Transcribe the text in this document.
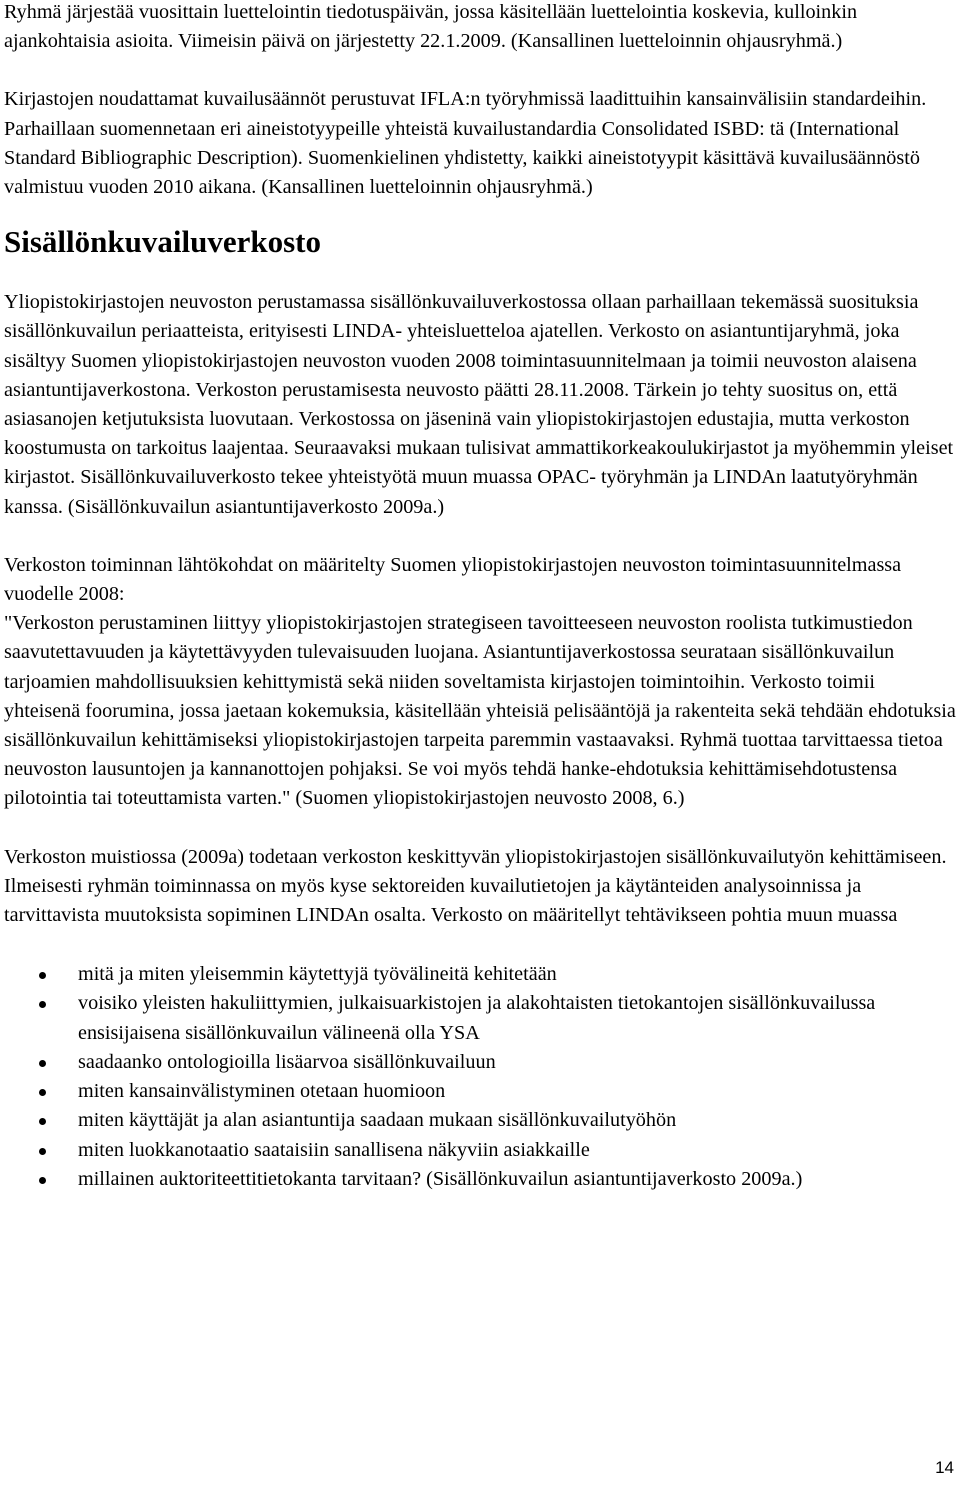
Ryhmä järjestää vuosittain luettelointin tiedotuspäivän, jossa käsitellään luettelointia koskevia, kulloinkin ajankohtaisia asioita. Viimeisin päivä on järjestetty 22.1.2009. (Kansallinen luetteloinnin ohjausryhmä.)

Kirjastojen noudattamat kuvailusäännöt perustuvat IFLA:n työryhmissä laadittuihin kansainvälisiin standardeihin. Parhaillaan suomennetaan eri aineistotyypeille yhteistä kuvailustandardia Consolidated ISBD: tä (International Standard Bibliographic Description). Suomenkielinen yhdistetty, kaikki aineistotyypit käsittävä kuvailusäännöstö valmistuu vuoden 2010 aikana. (Kansallinen luetteloinnin ohjausryhmä.)

Sisällönkuvailuverkosto

Yliopistokirjastojen neuvoston perustamassa sisällönkuvailuverkostossa ollaan parhaillaan tekemässä suosituksia sisällönkuvailun periaatteista, erityisesti LINDA- yhteisluetteloa ajatellen. Verkosto on asiantuntijaryhmä, joka sisältyy Suomen yliopistokirjastojen neuvoston vuoden 2008 toimintasuunnitelmaan ja toimii neuvoston alaisena asiantuntijaverkostona. Verkoston perustamisesta neuvosto päätti 28.11.2008. Tärkein jo tehty suositus on, että asiasanojen ketjutuksista luovutaan. Verkostossa on jäseninä vain yliopistokirjastojen edustajia, mutta verkoston koostumusta on tarkoitus laajentaa. Seuraavaksi mukaan tulisivat ammattikorkeakoulukirjastot ja myöhemmin yleiset kirjastot. Sisällönkuvailuverkosto tekee yhteistyötä muun muassa OPAC- työryhmän ja LINDAn laatutyöryhmän kanssa. (Sisällönkuvailun asiantuntijaverkosto 2009a.)

Verkoston toiminnan lähtökohdat on määritelty Suomen yliopistokirjastojen neuvoston toimintasuunnitelmassa vuodelle 2008:

"Verkoston perustaminen liittyy yliopistokirjastojen strategiseen tavoitteeseen neuvoston roolista tutkimustiedon saavutettavuuden ja käytettävyyden tulevaisuuden luojana. Asiantuntijaverkostossa seurataan sisällönkuvailun tarjoamien mahdollisuuksien kehittymistä sekä niiden soveltamista kirjastojen toimintoihin. Verkosto toimii yhteisenä foorumina, jossa jaetaan kokemuksia, käsitellään yhteisiä pelisääntöjä ja rakenteita sekä tehdään ehdotuksia sisällönkuvailun kehittämiseksi yliopistokirjastojen tarpeita paremmin vastaavaksi. Ryhmä tuottaa tarvittaessa tietoa neuvoston lausuntojen ja kannanottojen pohjaksi. Se voi myös tehdä hanke-ehdotuksia kehittämisehdotustensa pilotointia tai toteuttamista varten." (Suomen yliopistokirjastojen neuvosto 2008, 6.)

Verkoston muistiossa (2009a) todetaan verkoston keskittyvän yliopistokirjastojen sisällönkuvailutyön kehittämiseen. Ilmeisesti ryhmän toiminnassa on myös kyse sektoreiden kuvailutietojen ja käytänteiden analysoinnissa ja tarvittavista muutoksista sopiminen LINDAn osalta. Verkosto on määritellyt tehtävikseen pohtia muun muassa

mitä ja miten yleisemmin käytettyjä työvälineitä kehitetään
voisiko yleisten hakuliittymien, julkaisuarkistojen ja alakohtaisten tietokantojen sisällönkuvailussa ensisijaisena sisällönkuvailun välineenä olla YSA
saadaanko ontologioilla lisäarvoa sisällönkuvailuun
miten kansainvälistyminen otetaan huomioon
miten käyttäjät ja alan asiantuntija saadaan mukaan sisällönkuvailutyöhön
miten luokkanotaatio saataisiin sanallisena näkyviin asiakkaille
millainen auktoriteettitietokanta tarvitaan? (Sisällönkuvailun asiantuntijaverkosto 2009a.)
14
